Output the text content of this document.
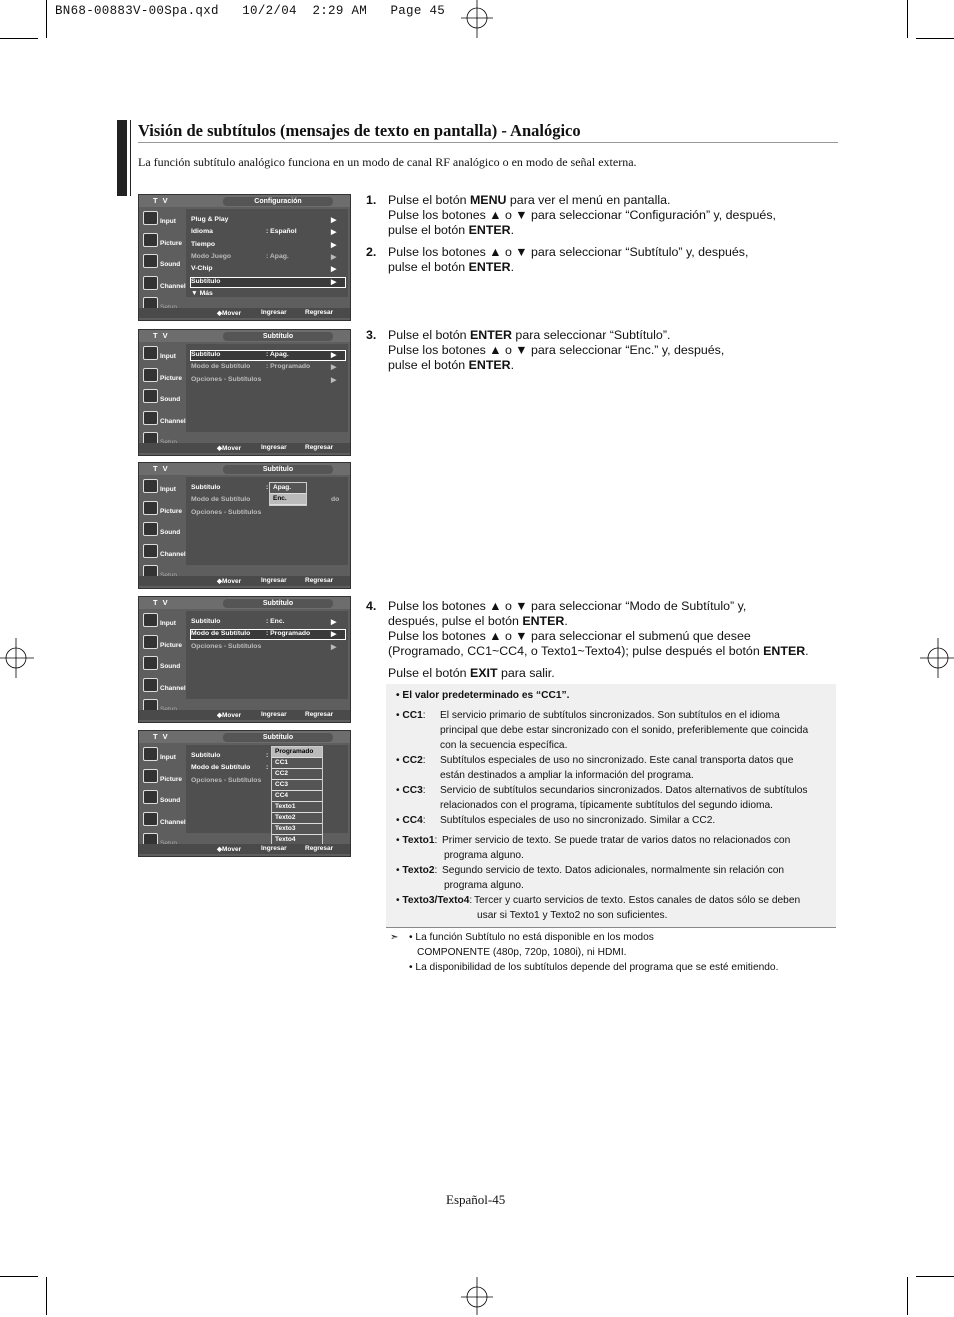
BN68-00883V-00Spa.qxd   10/2/04  2:29 AM   Page 45
Visión de subtítulos (mensajes de texto en pantalla) - Analógico
La función subtítulo analógico funciona en un modo de canal RF analógico o en modo de señal externa.
T V	Configuración
Input
Picture
Sound
Channel
Plug & Play	▶
Idioma	: Español	▶
Tiempo	▶
Modo Juego	: Apag.	▶
V-Chip	▶
Subtítulo	▶
▼ Más
◆Mover	Ingresar	Regresar
T V	Subtítulo
Input
Picture
Sound
Channel
Subtítulo	: Apag.	▶
Modo de Subtítulo : Programado	▶
Opciones - Subtítulos	▶
◆Mover	Ingresar	Regresar
T V	Subtítulo
Input
Picture
Sound
Channel
Subtítulo	:
Modo de Subtítulo	do
Opciones - Subtítulos
Apag.
Enc.
◆Mover	Ingresar	Regresar
T V	Subtítulo
Input
Picture
Sound
Channel
Subtítulo	: Enc.	▶
Modo de Subtítulo : Programado	▶
Opciones - Subtítulos	▶
◆Mover	Ingresar	Regresar
T V	Subtítulo
Input
Picture
Sound
Channel
Subtítulo	:
Modo de Subtítulo :
Opciones - Subtítulos
Programado
CC1
CC2
CC3
CC4
Texto1
Texto2
Texto3
Texto4
◆Mover	Ingresar	Regresar
1. Pulse el botón MENU para ver el menú en pantalla.
Pulse los botones ▲ o ▼ para seleccionar “Configuración” y, después,
pulse el botón ENTER.
2. Pulse los botones ▲ o ▼ para seleccionar “Subtítulo” y, después,
pulse el botón ENTER.
3. Pulse el botón ENTER para seleccionar “Subtítulo”.
Pulse los botones ▲ o ▼ para seleccionar “Enc.” y, después,
pulse el botón ENTER.
4. Pulse los botones ▲ o ▼ para seleccionar “Modo de Subtítulo” y,
después, pulse el botón ENTER.
Pulse los botones ▲ o ▼ para seleccionar el submenú que desee
(Programado, CC1~CC4, o Texto1~Texto4); pulse después el botón ENTER.
Pulse el botón EXIT para salir.
• El valor predeterminado es “CC1”.
• CC1: El servicio primario de subtítulos sincronizados. Son subtítulos en el idioma
principal que debe estar sincronizado con el sonido, preferiblemente que coincida
con la secuencia específica.
• CC2: Subtítulos especiales de uso no sincronizado. Este canal transporta datos que
están destinados a ampliar la información del programa.
• CC3: Servicio de subtítulos secundarios sincronizados. Datos alternativos de subtítulos
relacionados con el programa, típicamente subtítulos del segundo idioma.
• CC4: Subtítulos especiales de uso no sincronizado. Similar a CC2.
• Texto1: Primer servicio de texto. Se puede tratar de varios datos no relacionados con
programa alguno.
• Texto2: Segundo servicio de texto. Datos adicionales, normalmente sin relación con
programa alguno.
• Texto3/Texto4: Tercer y cuarto servicios de texto. Estos canales de datos sólo se deben
usar si Texto1 y Texto2 no son suficientes.
➣ • La función Subtítulo no está disponible en los modos
COMPONENTE (480p, 720p, 1080i), ni HDMI.
• La disponibilidad de los subtítulos depende del programa que se esté emitiendo.
Español-45
